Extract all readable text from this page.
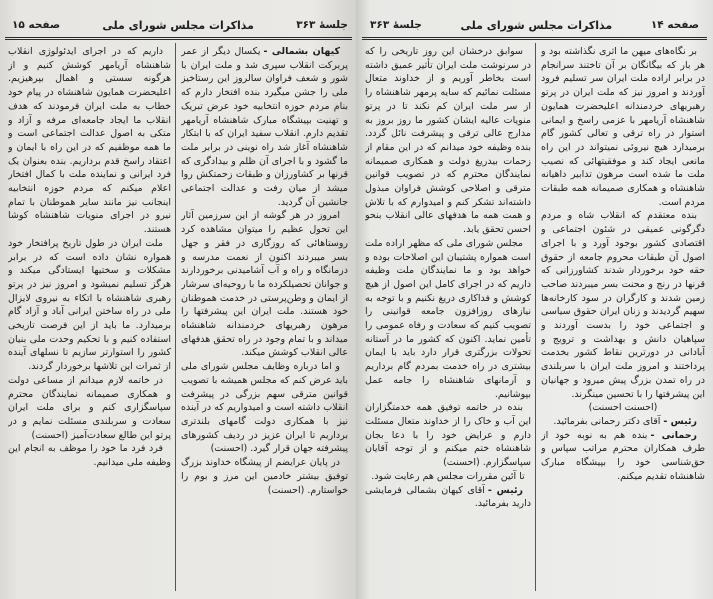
جلسهٔ ۳۶۳
مذاکرات مجلس شورای ملی
صفحه ۱۵

کیهان بشمالی -یکسال دیگر از عمر پربرکت انقلاب سپری شد و ملت ایران با شور و شعف فراوان سالروز این رستاخیز ملی را جشن میگیرد بنده افتخار دارم که بنام مردم حوزه انتخابیه خود عرض تبریک و تهنیت بپیشگاه مبارک شاهنشاه آریامهر تقدیم دارم. انقلاب سفید ایران که با ابتکار شاهنشاه آغاز شد راه نوینی در برابر ملت ما گشود و با اجرای آن ظلم و بیدادگری که قرنها بر کشاورزان و طبقات زحمتکش روا میشد از میان رفت و عدالت اجتماعی جانشین آن گردید.

امروز در هر گوشه از این سرزمین آثار این تحول عظیم را میتوان مشاهده کرد روستاهائی که روزگاری در فقر و جهل بسر میبردند اکنون از نعمت مدرسه و درمانگاه و راه و آب آشامیدنی برخوردارند و جوانان تحصیلکرده ما با روحیه‌ای سرشار از ایمان و وطن‌پرستی در خدمت هموطنان خود هستند. ملت ایران این پیشرفتها را مرهون رهبریهای خردمندانه شاهنشاه میداند و با تمام وجود در راه تحقق هدفهای عالی انقلاب کوشش میکند.

و اما درباره وظایف مجلس شورای ملی باید عرض کنم که مجلس همیشه با تصویب قوانین مترقی سهم بزرگی در پیشرفت انقلاب داشته است و امیدواریم که در آینده نیز با همکاری دولت گامهای بلندتری برداریم تا ایران عزیز در ردیف کشورهای پیشرفته جهان قرار گیرد. (احسنت)

در پایان عرایضم از پیشگاه خداوند بزرگ توفیق بیشتر خادمین این مرز و بوم را خواستارم. (احسنت)

داریم که در اجرای ایدئولوژی انقلاب شاهنشاه آریامهر کوشش کنیم و از هرگونه سستی و اهمال بپرهیزیم. اعلیحضرت همایون شاهنشاه در پیام خود خطاب به ملت ایران فرمودند که هدف انقلاب ما ایجاد جامعه‌ای مرفه و آزاد و متکی به اصول عدالت اجتماعی است و ما همه موظفیم که در این راه با ایمان و اعتقاد راسخ قدم برداریم. بنده بعنوان یک فرد ایرانی و نماینده ملت با کمال افتخار اعلام میکنم که مردم حوزه انتخابیه اینجانب نیز مانند سایر هموطنان با تمام نیرو در اجرای منویات شاهنشاه کوشا هستند.

ملت ایران در طول تاریخ پرافتخار خود همواره نشان داده است که در برابر مشکلات و سختیها ایستادگی میکند و هرگز تسلیم نمیشود و امروز نیز در پرتو رهبری شاهنشاه با اتکاء به نیروی لایزال ملی در راه ساختن ایرانی آباد و آزاد گام برمیدارد. ما باید از این فرصت تاریخی استفاده کنیم و با تحکیم وحدت ملی بنیان کشور را استوارتر سازیم تا نسلهای آینده از ثمرات این تلاشها برخوردار گردند.

در خاتمه لازم میدانم از مساعی دولت و همکاری صمیمانه نمایندگان محترم سپاسگزاری کنم و برای ملت ایران سعادت و سربلندی مسئلت نمایم و در پرتو این طالع سعادت‌آمیز (احسنت)

فرد فرد ما خود را موظف به انجام این وظیفه ملی میدانیم.

صفحه ۱۴
مذاکرات مجلس شورای ملی
جلسهٔ ۳۶۳

بر نگاه‌های میهن ما اثری نگذاشته بود و هر بار که بیگانگان بر آن تاختند سرانجام در برابر اراده ملت ایران سر تسلیم فرود آوردند و امروز نیز که ملت ایران در پرتو رهبریهای خردمندانه اعلیحضرت همایون شاهنشاه آریامهر با عزمی راسخ و ایمانی استوار در راه ترقی و تعالی کشور گام برمیدارد هیچ نیروئی نمیتواند در این راه مانعی ایجاد کند و موفقیتهائی که نصیب ملت ما شده است مرهون تدابیر داهیانه شاهنشاه و همکاری صمیمانه همه طبقات مردم است.

بنده معتقدم که انقلاب شاه و مردم دگرگونی عمیقی در شئون اجتماعی و اقتصادی کشور بوجود آورد و با اجرای اصول آن طبقات محروم جامعه از حقوق حقه خود برخوردار شدند کشاورزانی که قرنها در رنج و محنت بسر میبردند صاحب زمین شدند و کارگران در سود کارخانه‌ها سهیم گردیدند و زنان ایران حقوق سیاسی و اجتماعی خود را بدست آوردند و سپاهیان دانش و بهداشت و ترویج و آبادانی در دورترین نقاط کشور بخدمت پرداختند و امروز ملت ایران با سربلندی در راه تمدن بزرگ پیش میرود و جهانیان این پیشرفتها را با تحسین مینگرند.

(احسنت احسنت)

رئیس -آقای دکتر رحمانی بفرمائید.

رحمانی -بنده هم به نوبه خود از طرف همکاران محترم مراتب سپاس و حق‌شناسی خود را بپیشگاه مبارک شاهنشاه تقدیم میکنم.

سوابق درخشان این روز تاریخی را که در سرنوشت ملت ایران تأثیر عمیق داشته است بخاطر آوریم و از خداوند متعال مسئلت نمائیم که سایه پرمهر شاهنشاه را از سر ملت ایران کم نکند تا در پرتو منویات عالیه ایشان کشور ما روز بروز به مدارج عالی ترقی و پیشرفت نائل گردد. بنده وظیفه خود میدانم که در این مقام از زحمات بیدریغ دولت و همکاری صمیمانه نمایندگان محترم که در تصویب قوانین مترقی و اصلاحی کوشش فراوان مبذول داشته‌اند تشکر کنم و امیدوارم که با تلاش و همت همه ما هدفهای عالی انقلاب بنحو احسن تحقق یابد.

مجلس شورای ملی که مظهر اراده ملت است همواره پشتیبان این اصلاحات بوده و خواهد بود و ما نمایندگان ملت وظیفه داریم که در اجرای کامل این اصول از هیچ کوشش و فداکاری دریغ نکنیم و با توجه به نیازهای روزافزون جامعه قوانینی را تصویب کنیم که سعادت و رفاه عمومی را تأمین نماید. اکنون که کشور ما در آستانه تحولات بزرگتری قرار دارد باید با ایمان بیشتری در راه خدمت بمردم گام برداریم و آرمانهای شاهنشاه را جامه عمل بپوشانیم.

بنده در خاتمه توفیق همه خدمتگزاران این آب و خاک را از خداوند متعال مسئلت دارم و عرایض خود را با دعا بجان شاهنشاه ختم میکنم و از توجه آقایان سپاسگزارم. (احسنت)

تا آئین مقررات مجلس هم رعایت شود.

رئیس -آقای کیهان بشمالی فرمایشی دارید بفرمائید.
